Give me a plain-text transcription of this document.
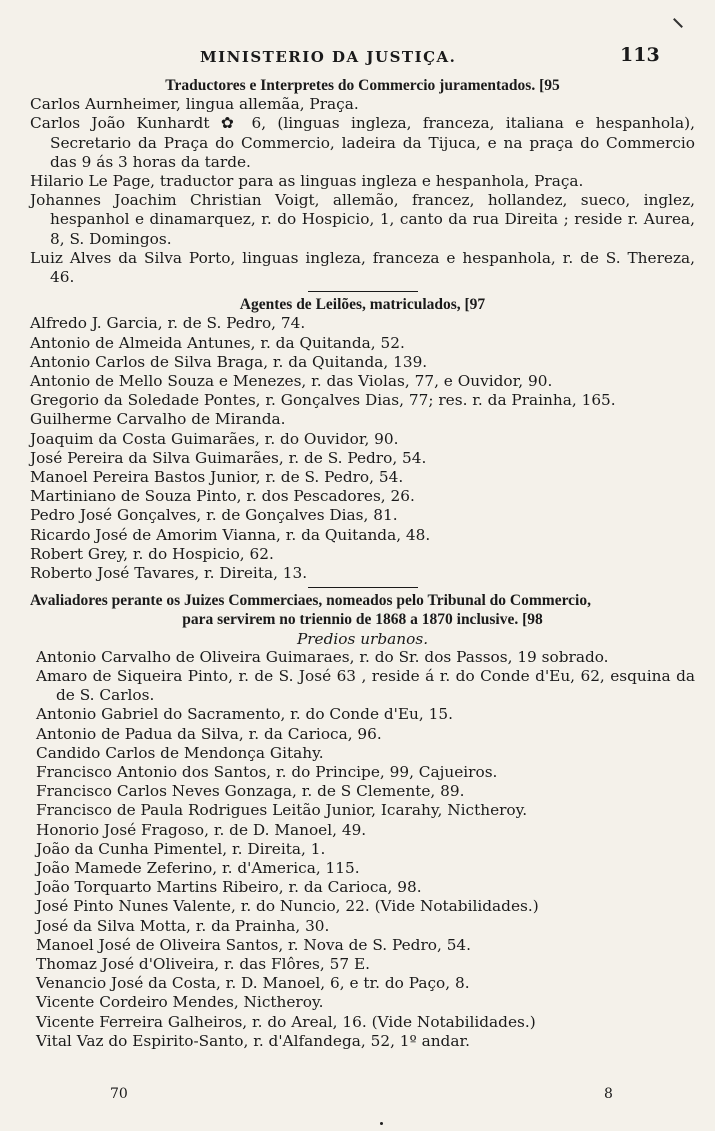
MINISTERIO DA JUSTIÇA.	113

Traductores e Interpretes do Commercio juramentados. [95

Carlos Aurnheimer, lingua allemãa, Praça.

Carlos João Kunhardt ✿ 6, (linguas ingleza, franceza, italiana e hespanhola), Secretario da Praça do Commercio, ladeira da Tijuca, e na praça do Commercio das 9 ás 3 horas da tarde.

Hilario Le Page, traductor para as linguas ingleza e hespanhola, Praça.

Johannes Joachim Christian Voigt, allemão, francez, hollandez, sueco, inglez, hespanhol e dinamarquez, r. do Hospicio, 1, canto da rua Direita ; reside r. Aurea, 8, S. Domingos.

Luiz Alves da Silva Porto, linguas ingleza, franceza e hespanhola, r. de S. Thereza, 46.

Agentes de Leilões, matriculados, [97

Alfredo J. Garcia, r. de S. Pedro, 74.

Antonio de Almeida Antunes, r. da Quitanda, 52.

Antonio Carlos de Silva Braga, r. da Quitanda, 139.

Antonio de Mello Souza e Menezes, r. das Violas, 77, e Ouvidor, 90.

Gregorio da Soledade Pontes, r. Gonçalves Dias, 77; res. r. da Prainha, 165.

Guilherme Carvalho de Miranda.

Joaquim da Costa Guimarães, r. do Ouvidor, 90.

José Pereira da Silva Guimarães, r. de S. Pedro, 54.

Manoel Pereira Bastos Junior, r. de S. Pedro, 54.

Martiniano de Souza Pinto, r. dos Pescadores, 26.

Pedro José Gonçalves, r. de Gonçalves Dias, 81.

Ricardo José de Amorim Vianna, r. da Quitanda, 48.

Robert Grey, r. do Hospicio, 62.

Roberto José Tavares, r. Direita, 13.

Avaliadores perante os Juizes Commerciaes, nomeados pelo Tribunal do Commercio,

para servirem no triennio de 1868 a 1870 inclusive. [98

Predios urbanos.

Antonio Carvalho de Oliveira Guimaraes, r. do Sr. dos Passos, 19 sobrado.

Amaro de Siqueira Pinto, r. de S. José 63 , reside á r. do Conde d'Eu, 62, esquina da de S. Carlos.

Antonio Gabriel do Sacramento, r. do Conde d'Eu, 15.

Antonio de Padua da Silva, r. da Carioca, 96.

Candido Carlos de Mendonça Gitahy.

Francisco Antonio dos Santos, r. do Principe, 99, Cajueiros.

Francisco Carlos Neves Gonzaga, r. de S Clemente, 89.

Francisco de Paula Rodrigues Leitão Junior, Icarahy, Nictheroy.

Honorio José Fragoso, r. de D. Manoel, 49.

João da Cunha Pimentel, r. Direita, 1.

João Mamede Zeferino, r. d'America, 115.

João Torquarto Martins Ribeiro, r. da Carioca, 98.

José Pinto Nunes Valente, r. do Nuncio, 22. (Vide Notabilidades.)

José da Silva Motta, r. da Prainha, 30.

Manoel José de Oliveira Santos, r. Nova de S. Pedro, 54.

Thomaz José d'Oliveira, r. das Flôres, 57 E.

Venancio José da Costa, r. D. Manoel, 6, e tr. do Paço, 8.

Vicente Cordeiro Mendes, Nictheroy.

Vicente Ferreira Galheiros, r. do Areal, 16. (Vide Notabilidades.)

Vital Vaz do Espirito-Santo, r. d'Alfandega, 52, 1º andar.

70	8
